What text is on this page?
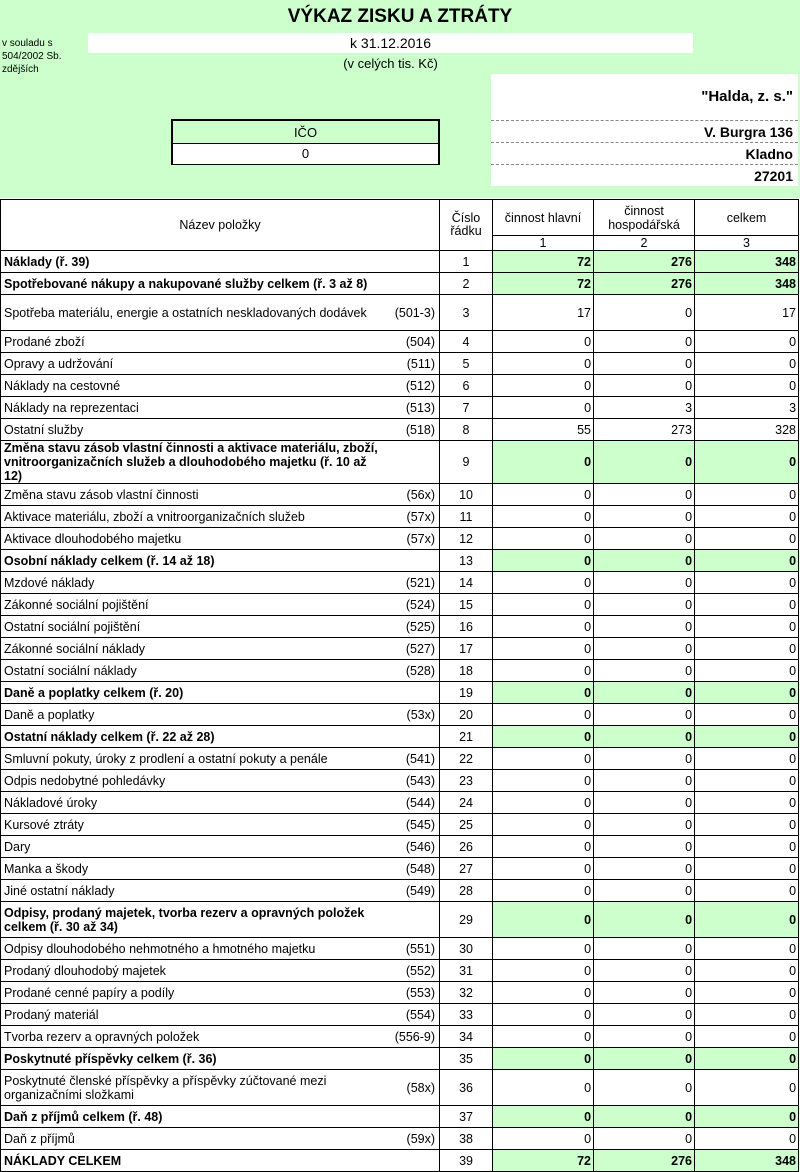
VÝKAZ ZISKU A ZTRÁTY
v souladu s
504/2002 Sb.
zdějších
k 31.12.2016
(v celých tis. Kč)
IČO
0
"Halda, z. s."
V. Burgra 136
Kladno
27201
Název položky		Číslo řádku	činnost hlavní	činnost hospodářská	celkem
			1	2	3
Náklady (ř. 39)		1	72	276	348
Spotřebované nákupy a nakupované služby celkem (ř. 3 až 8)		2	72	276	348
Spotřeba materiálu, energie a ostatních neskladovaných dodávek	(501-3)	3	17	0	17
Prodané zboží	(504)	4	0	0	0
Opravy a udržování	(511)	5	0	0	0
Náklady na cestovné	(512)	6	0	0	0
Náklady na reprezentaci	(513)	7	0	3	3
Ostatní služby	(518)	8	55	273	328
Změna stavu zásob vlastní činnosti a aktivace materiálu, zboží, vnitroorganizačních služeb a dlouhodobého majetku (ř. 10 až 12)		9	0	0	0
Změna stavu zásob vlastní činnosti	(56x)	10	0	0	0
Aktivace materiálu, zboží a vnitroorganizačních služeb	(57x)	11	0	0	0
Aktivace dlouhodobého majetku	(57x)	12	0	0	0
Osobní náklady celkem (ř. 14 až 18)		13	0	0	0
Mzdové náklady	(521)	14	0	0	0
Zákonné sociální pojištění	(524)	15	0	0	0
Ostatní sociální pojištění	(525)	16	0	0	0
Zákonné sociální náklady	(527)	17	0	0	0
Ostatní sociální náklady	(528)	18	0	0	0
Daně a poplatky celkem (ř. 20)		19	0	0	0
Daně a poplatky	(53x)	20	0	0	0
Ostatní náklady celkem (ř. 22 až 28)		21	0	0	0
Smluvní pokuty, úroky z prodlení a ostatní pokuty a penále	(541)	22	0	0	0
Odpis nedobytné pohledávky	(543)	23	0	0	0
Nákladové úroky	(544)	24	0	0	0
Kursové ztráty	(545)	25	0	0	0
Dary	(546)	26	0	0	0
Manka a škody	(548)	27	0	0	0
Jiné ostatní náklady	(549)	28	0	0	0
Odpisy, prodaný majetek, tvorba rezerv a opravných položek celkem (ř. 30 až 34)		29	0	0	0
Odpisy dlouhodobého nehmotného a hmotného majetku	(551)	30	0	0	0
Prodaný dlouhodobý majetek	(552)	31	0	0	0
Prodané cenné papíry a podíly	(553)	32	0	0	0
Prodaný materiál	(554)	33	0	0	0
Tvorba rezerv a opravných položek	(556-9)	34	0	0	0
Poskytnuté příspěvky celkem (ř. 36)		35	0	0	0
Poskytnuté členské příspěvky a příspěvky zúčtované mezi organizačními složkami	(58x)	36	0	0	0
Daň z příjmů celkem (ř. 48)		37	0	0	0
Daň z příjmů	(59x)	38	0	0	0
NÁKLADY CELKEM		39	72	276	348
